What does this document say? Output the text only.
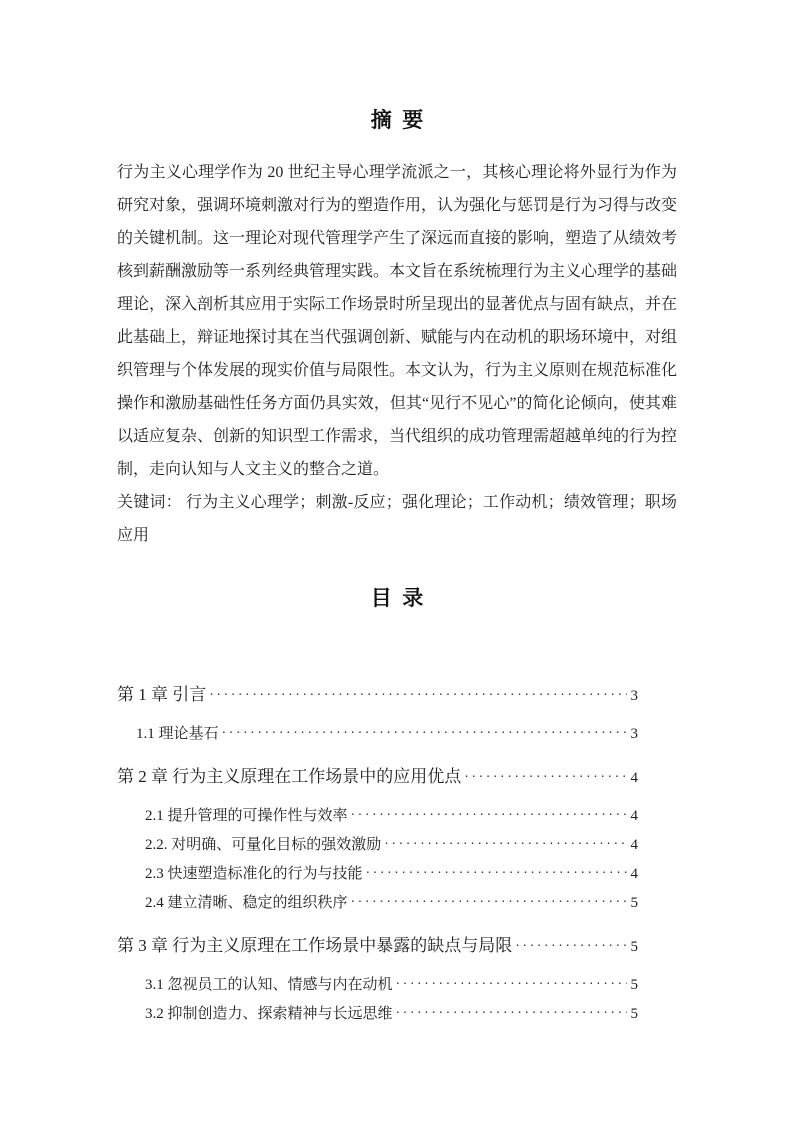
摘  要

行为主义心理学作为 20 世纪主导心理学流派之一，其核心理论将外显行为作为研究对象，强调环境刺激对行为的塑造作用，认为强化与惩罚是行为习得与改变的关键机制。这一理论对现代管理学产生了深远而直接的影响，塑造了从绩效考核到薪酬激励等一系列经典管理实践。本文旨在系统梳理行为主义心理学的基础理论，深入剖析其应用于实际工作场景时所呈现出的显著优点与固有缺点，并在此基础上，辩证地探讨其在当代强调创新、赋能与内在动机的职场环境中，对组织管理与个体发展的现实价值与局限性。本文认为，行为主义原则在规范标准化操作和激励基础性任务方面仍具实效，但其“见行不见心”的简化论倾向，使其难以适应复杂、创新的知识型工作需求，当代组织的成功管理需超越单纯的行为控制，走向认知与人文主义的整合之道。

关键词： 行为主义心理学；刺激-反应；强化理论；工作动机；绩效管理；职场应用

目  录
第 1 章 引言 ·····	3
1.1 理论基石 ·····	3
第 2 章 行为主义原理在工作场景中的应用优点 ·····	4
2.1 提升管理的可操作性与效率 ·····	4
2.2. 对明确、可量化目标的强效激励 ·····	4
2.3 快速塑造标准化的行为与技能 ·····	4
2.4 建立清晰、稳定的组织秩序 ·····	5
第 3 章 行为主义原理在工作场景中暴露的缺点与局限 ·····	5
3.1 忽视员工的认知、情感与内在动机 ·····	5
3.2 抑制创造力、探索精神与长远思维 ·····	5
